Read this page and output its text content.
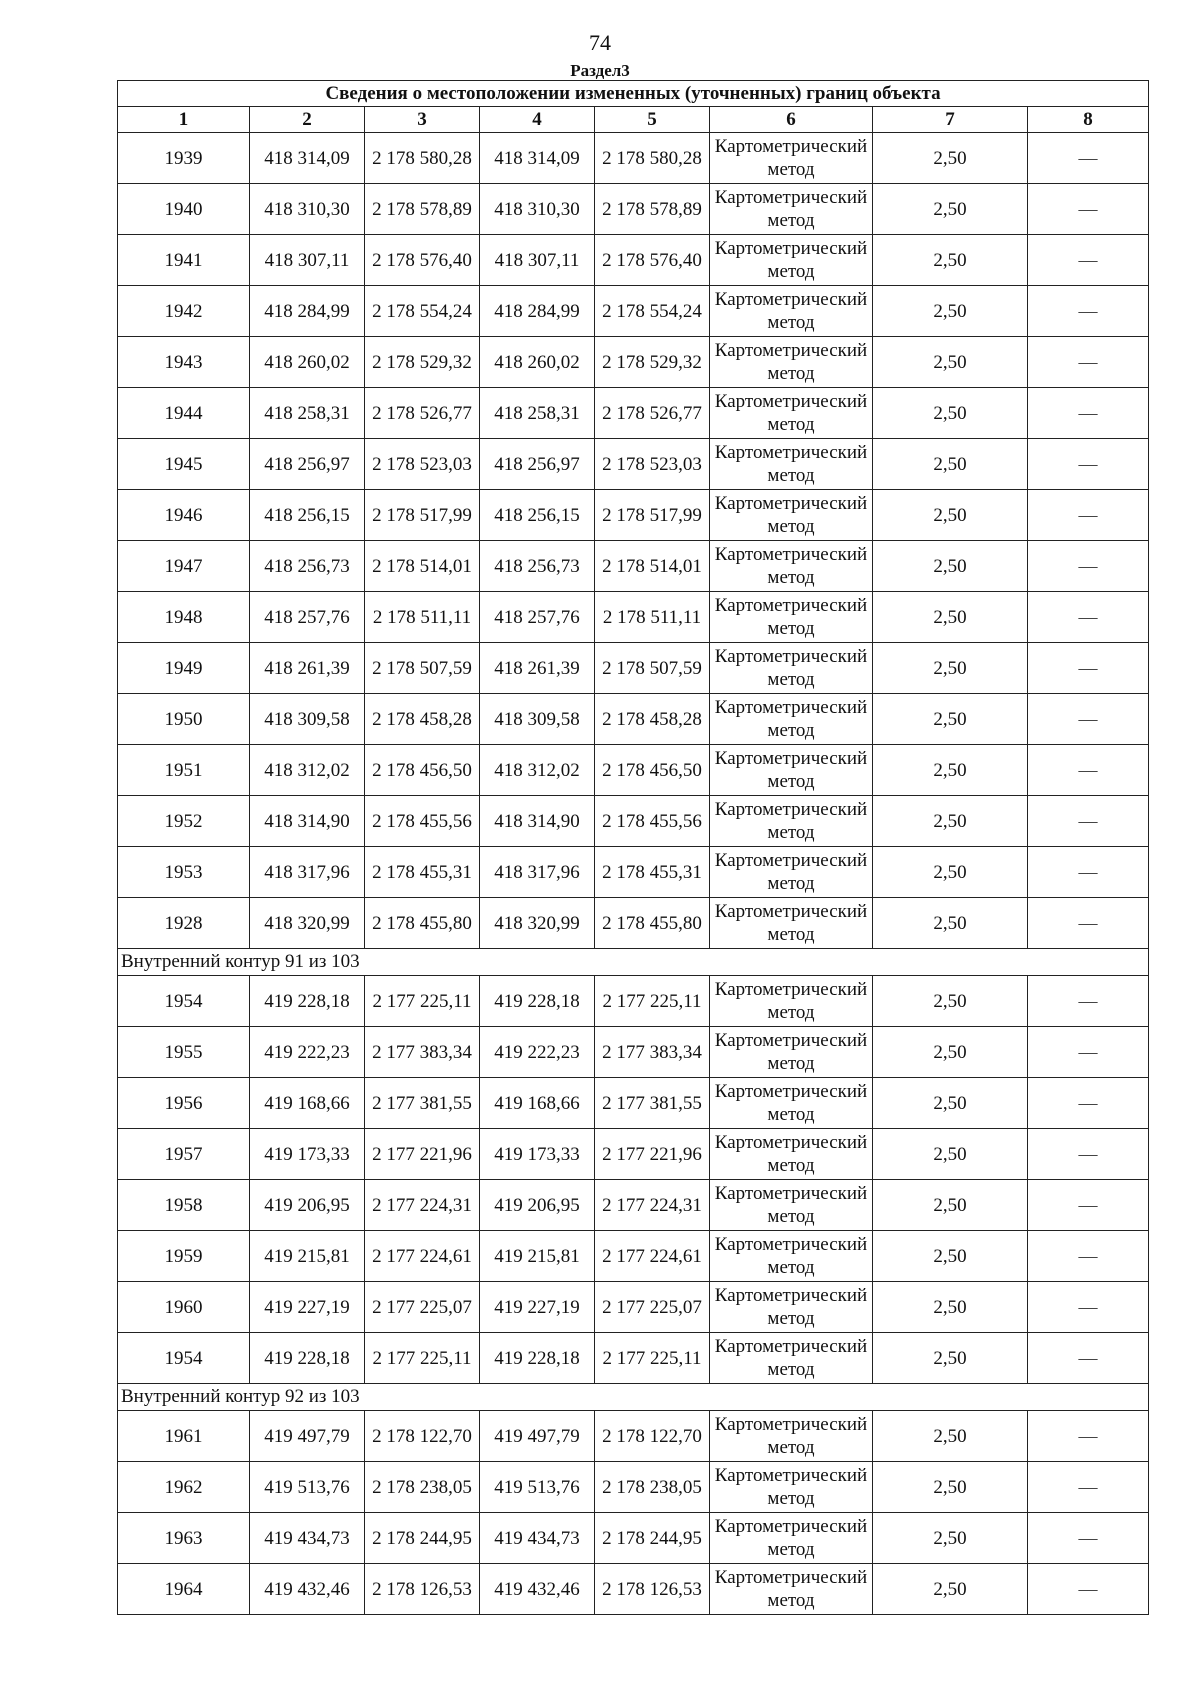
74
Раздел3
Сведения о местоположении измененных (уточненных) границ объекта							
1	2	3	4	5	6	7	8
1939	418 314,09	2 178 580,28	418 314,09	2 178 580,28	Картометрический метод	2,50	—
1940	418 310,30	2 178 578,89	418 310,30	2 178 578,89	Картометрический метод	2,50	—
1941	418 307,11	2 178 576,40	418 307,11	2 178 576,40	Картометрический метод	2,50	—
1942	418 284,99	2 178 554,24	418 284,99	2 178 554,24	Картометрический метод	2,50	—
1943	418 260,02	2 178 529,32	418 260,02	2 178 529,32	Картометрический метод	2,50	—
1944	418 258,31	2 178 526,77	418 258,31	2 178 526,77	Картометрический метод	2,50	—
1945	418 256,97	2 178 523,03	418 256,97	2 178 523,03	Картометрический метод	2,50	—
1946	418 256,15	2 178 517,99	418 256,15	2 178 517,99	Картометрический метод	2,50	—
1947	418 256,73	2 178 514,01	418 256,73	2 178 514,01	Картометрический метод	2,50	—
1948	418 257,76	2 178 511,11	418 257,76	2 178 511,11	Картометрический метод	2,50	—
1949	418 261,39	2 178 507,59	418 261,39	2 178 507,59	Картометрический метод	2,50	—
1950	418 309,58	2 178 458,28	418 309,58	2 178 458,28	Картометрический метод	2,50	—
1951	418 312,02	2 178 456,50	418 312,02	2 178 456,50	Картометрический метод	2,50	—
1952	418 314,90	2 178 455,56	418 314,90	2 178 455,56	Картометрический метод	2,50	—
1953	418 317,96	2 178 455,31	418 317,96	2 178 455,31	Картометрический метод	2,50	—
1928	418 320,99	2 178 455,80	418 320,99	2 178 455,80	Картометрический метод	2,50	—
Внутренний контур 91 из 103							
1954	419 228,18	2 177 225,11	419 228,18	2 177 225,11	Картометрический метод	2,50	—
1955	419 222,23	2 177 383,34	419 222,23	2 177 383,34	Картометрический метод	2,50	—
1956	419 168,66	2 177 381,55	419 168,66	2 177 381,55	Картометрический метод	2,50	—
1957	419 173,33	2 177 221,96	419 173,33	2 177 221,96	Картометрический метод	2,50	—
1958	419 206,95	2 177 224,31	419 206,95	2 177 224,31	Картометрический метод	2,50	—
1959	419 215,81	2 177 224,61	419 215,81	2 177 224,61	Картометрический метод	2,50	—
1960	419 227,19	2 177 225,07	419 227,19	2 177 225,07	Картометрический метод	2,50	—
1954	419 228,18	2 177 225,11	419 228,18	2 177 225,11	Картометрический метод	2,50	—
Внутренний контур 92 из 103							
1961	419 497,79	2 178 122,70	419 497,79	2 178 122,70	Картометрический метод	2,50	—
1962	419 513,76	2 178 238,05	419 513,76	2 178 238,05	Картометрический метод	2,50	—
1963	419 434,73	2 178 244,95	419 434,73	2 178 244,95	Картометрический метод	2,50	—
1964	419 432,46	2 178 126,53	419 432,46	2 178 126,53	Картометрический метод	2,50	—
